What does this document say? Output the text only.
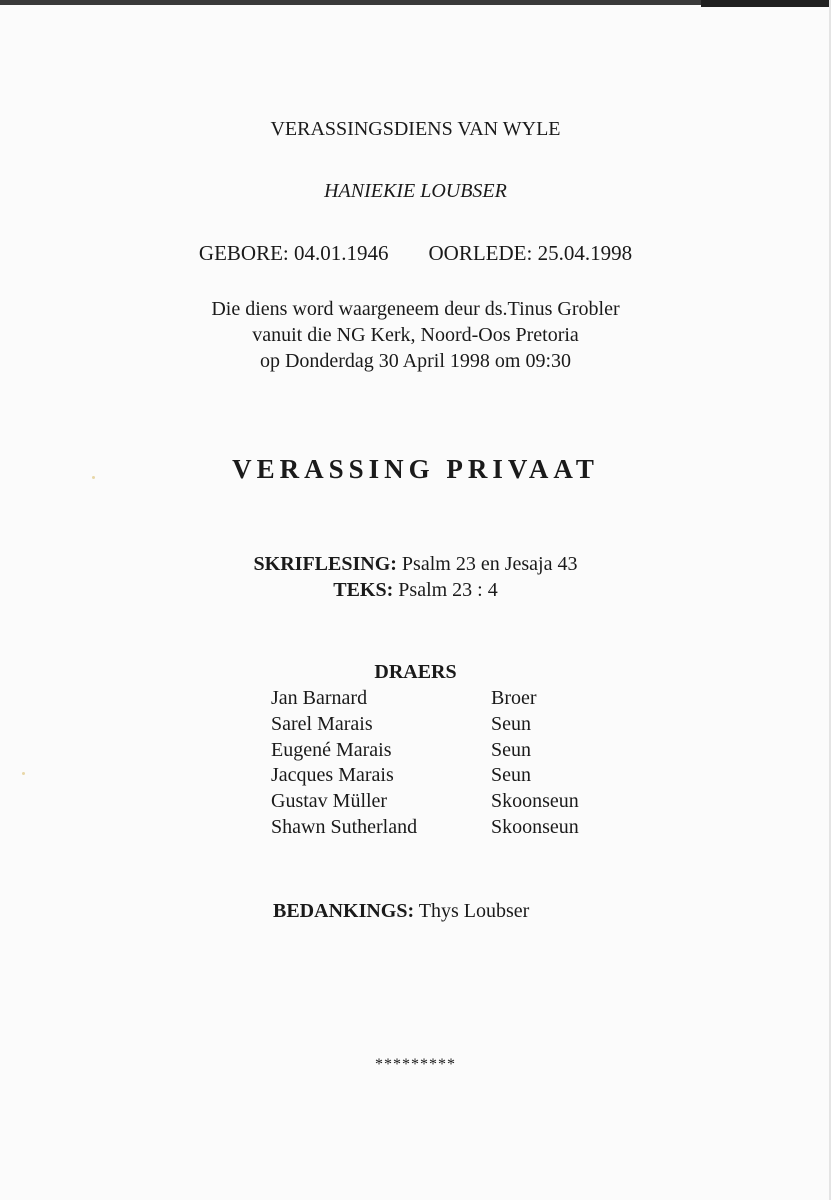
VERASSINGSDIENS VAN WYLE
HANIEKIE LOUBSER
GEBORE: 04.01.1946 OORLEDE: 25.04.1998
Die diens word waargeneem deur ds.Tinus Grobler
vanuit die NG Kerk, Noord-Oos Pretoria
op Donderdag 30 April 1998 om 09:30
VERASSING PRIVAAT
SKRIFLESING: Psalm 23 en Jesaja 43
TEKS: Psalm 23 : 4
DRAERS
Jan Barnard	Broer
Sarel Marais	Seun
Eugené Marais	Seun
Jacques Marais	Seun
Gustav Müller	Skoonseun
Shawn Sutherland	Skoonseun
BEDANKINGS: Thys Loubser
*********
